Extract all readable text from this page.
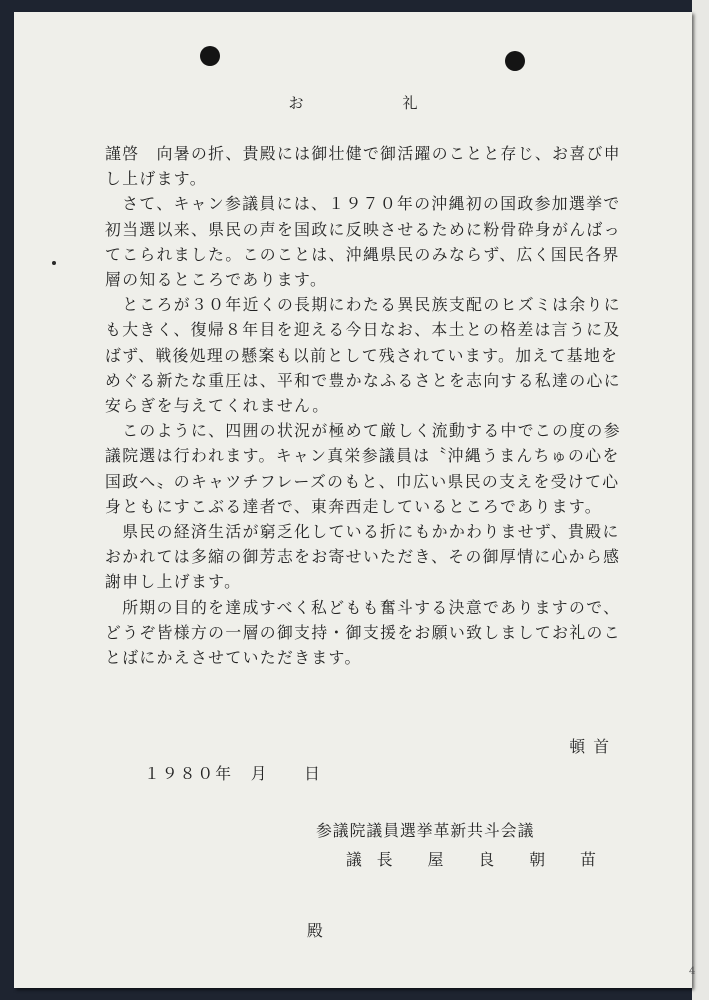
お　礼
謹啓　向暑の折、貴殿には御壮健で御活躍のことと存じ、お喜び申
し上げます。
　さて、キャン参議員には、１９７０年の沖縄初の国政参加選挙で
初当選以来、県民の声を国政に反映させるために粉骨砕身がんばっ
てこられました。このことは、沖縄県民のみならず、広く国民各界
層の知るところであります。
　ところが３０年近くの長期にわたる異民族支配のヒズミは余りに
も大きく、復帰８年目を迎える今日なお、本土との格差は言うに及
ばず、戦後処理の懸案も以前として残されています。加えて基地を
めぐる新たな重圧は、平和で豊かなふるさとを志向する私達の心に
安らぎを与えてくれません。
　このように、四囲の状況が極めて厳しく流動する中でこの度の参
議院選は行われます。キャン真栄参議員は〝沖縄うまんちゅの心を
国政へ〟のキャツチフレーズのもと、巾広い県民の支えを受けて心
身ともにすこぶる達者で、東奔西走しているところであります。
　県民の経済生活が窮乏化している折にもかかわりませず、貴殿に
おかれては多縮の御芳志をお寄せいただき、その御厚情に心から感
謝申し上げます。
　所期の目的を達成すべく私どもも奮斗する決意でありますので、
どうぞ皆様方の一層の御支持・御支援をお願い致しましてお礼のこ
とばにかえさせていただきます。
頓首
１９８０年　月　　日
参議院議員選挙革新共斗会議
議長 屋 良 朝 苗
殿
4
